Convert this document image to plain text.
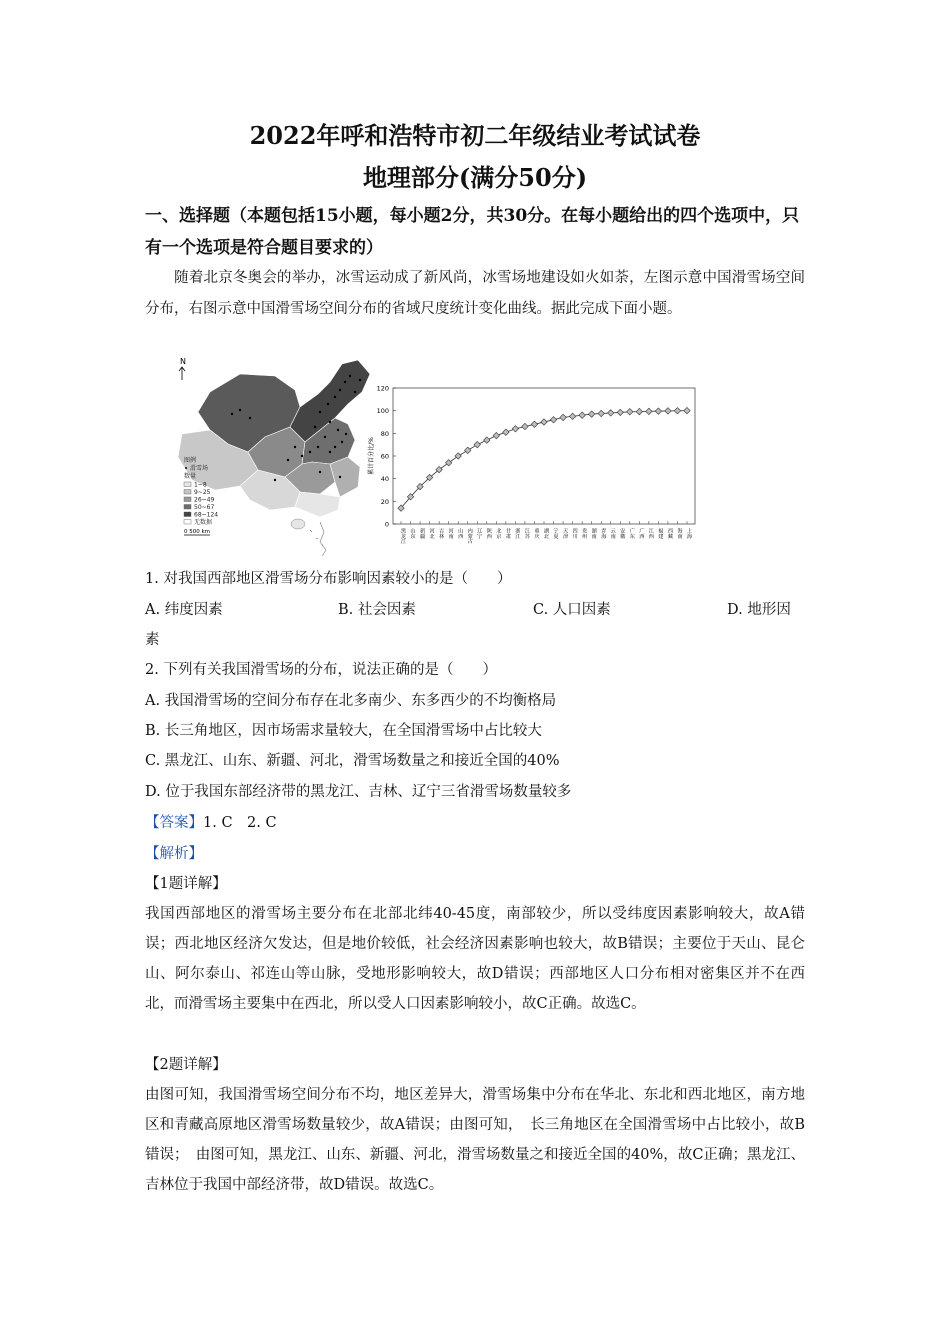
2022年呼和浩特市初二年级结业考试试卷
地理部分(满分50分)
一、选择题（本题包括15小题，每小题2分，共30分。在每小题给出的四个选项中，只有一个选项是符合题目要求的）
随着北京冬奥会的举办，冰雪运动成了新风尚，冰雪场地建设如火如荼，左图示意中国滑雪场空间分布，右图示意中国滑雪场空间分布的省域尺度统计变化曲线。据此完成下面小题。
N
图例
滑雪场
数量
1~8
9~25
26~49
50~67
68~124
无数据
0 500 km
0
20
40
60
80
100
120
累计百分比/%
黑龙江 山东 新疆 河北 吉林 河南 山西 内蒙古 辽宁 陕西 北京 甘肃 浙江 江苏 重庆 湖北 宁夏 天津 四川 贵州 湖南 青海 云南 安徽 广东 广西 江西 福建 西藏 海南 上海
1. 对我国西部地区滑雪场分布影响因素较小的是（　　）
A. 纬度因素	B. 社会因素	C. 人口因素	D. 地形因
素
2. 下列有关我国滑雪场的分布，说法正确的是（　　）
A. 我国滑雪场的空间分布存在北多南少、东多西少的不均衡格局
B. 长三角地区，因市场需求量较大，在全国滑雪场中占比较大
C. 黑龙江、山东、新疆、河北，滑雪场数量之和接近全国的40%
D. 位于我国东部经济带的黑龙江、吉林、辽宁三省滑雪场数量较多
【答案】1. C　2. C
【解析】
【1题详解】
我国西部地区的滑雪场主要分布在北部北纬40-45度，南部较少，所以受纬度因素影响较大，故A错误；西北地区经济欠发达，但是地价较低，社会经济因素影响也较大，故B错误；主要位于天山、昆仑山、阿尔泰山、祁连山等山脉，受地形影响较大，故D错误；西部地区人口分布相对密集区并不在西北，而滑雪场主要集中在西北，所以受人口因素影响较小，故C正确。故选C。
【2题详解】
由图可知，我国滑雪场空间分布不均，地区差异大，滑雪场集中分布在华北、东北和西北地区，南方地区和青藏高原地区滑雪场数量较少，故A错误；由图可知，　长三角地区在全国滑雪场中占比较小，故B错误；　由图可知，黑龙江、山东、新疆、河北，滑雪场数量之和接近全国的40%，故C正确；黑龙江、吉林位于我国中部经济带，故D错误。故选C。
